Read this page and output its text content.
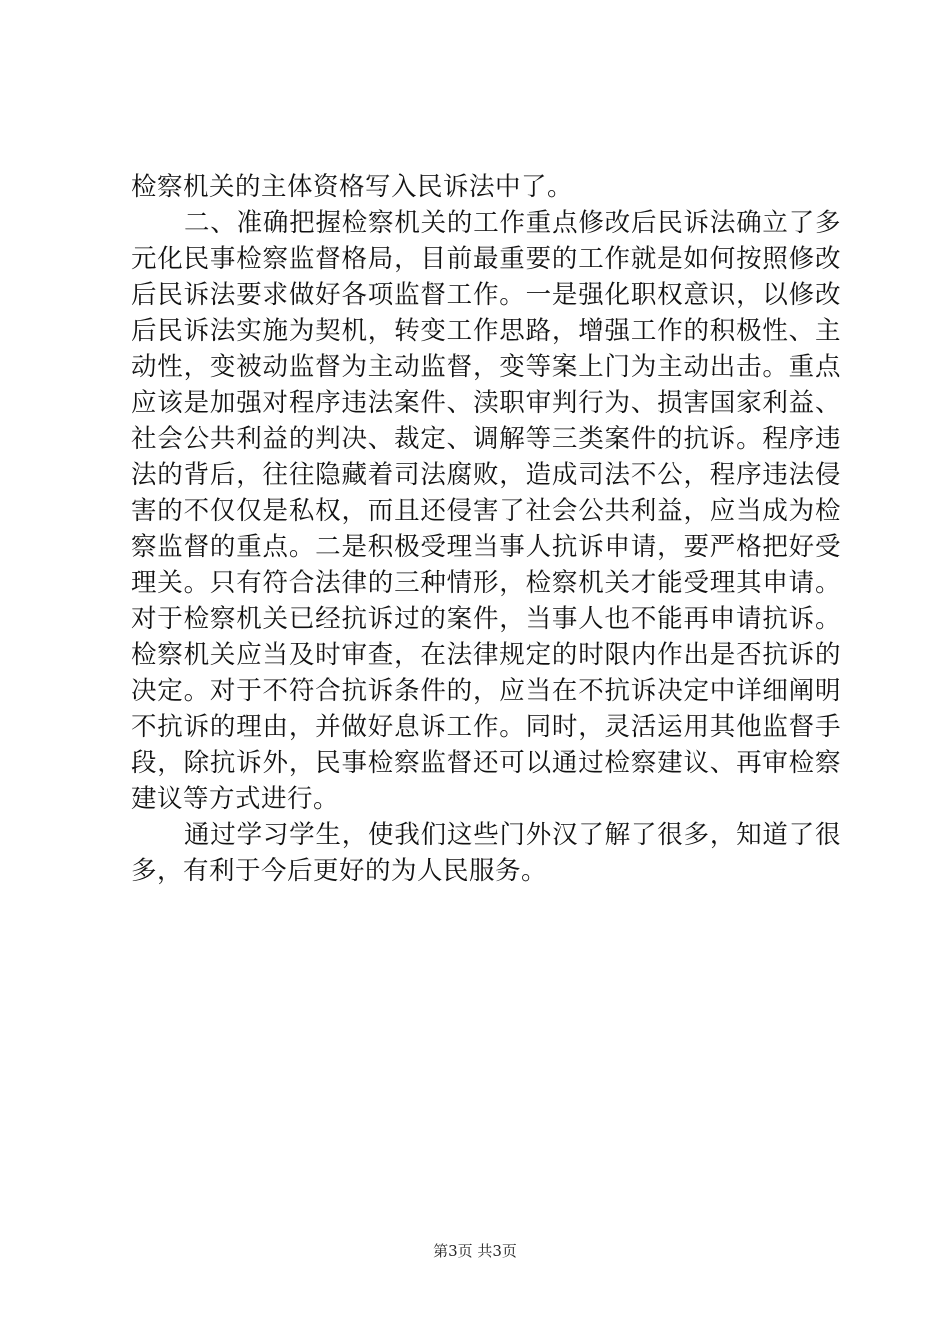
检察机关的主体资格写入民诉法中了。
二、准确把握检察机关的工作重点修改后民诉法确立了多
元化民事检察监督格局，目前最重要的工作就是如何按照修改
后民诉法要求做好各项监督工作。一是强化职权意识，以修改
后民诉法实施为契机，转变工作思路，增强工作的积极性、主
动性，变被动监督为主动监督，变等案上门为主动出击。重点
应该是加强对程序违法案件、渎职审判行为、损害国家利益、
社会公共利益的判决、裁定、调解等三类案件的抗诉。程序违
法的背后，往往隐藏着司法腐败，造成司法不公，程序违法侵
害的不仅仅是私权，而且还侵害了社会公共利益，应当成为检
察监督的重点。二是积极受理当事人抗诉申请，要严格把好受
理关。只有符合法律的三种情形，检察机关才能受理其申请。
对于检察机关已经抗诉过的案件，当事人也不能再申请抗诉。
检察机关应当及时审查，在法律规定的时限内作出是否抗诉的
决定。对于不符合抗诉条件的，应当在不抗诉决定中详细阐明
不抗诉的理由，并做好息诉工作。同时，灵活运用其他监督手
段，除抗诉外，民事检察监督还可以通过检察建议、再审检察
建议等方式进行。
通过学习学生，使我们这些门外汉了解了很多，知道了很
多，有利于今后更好的为人民服务。
第3页 共3页
